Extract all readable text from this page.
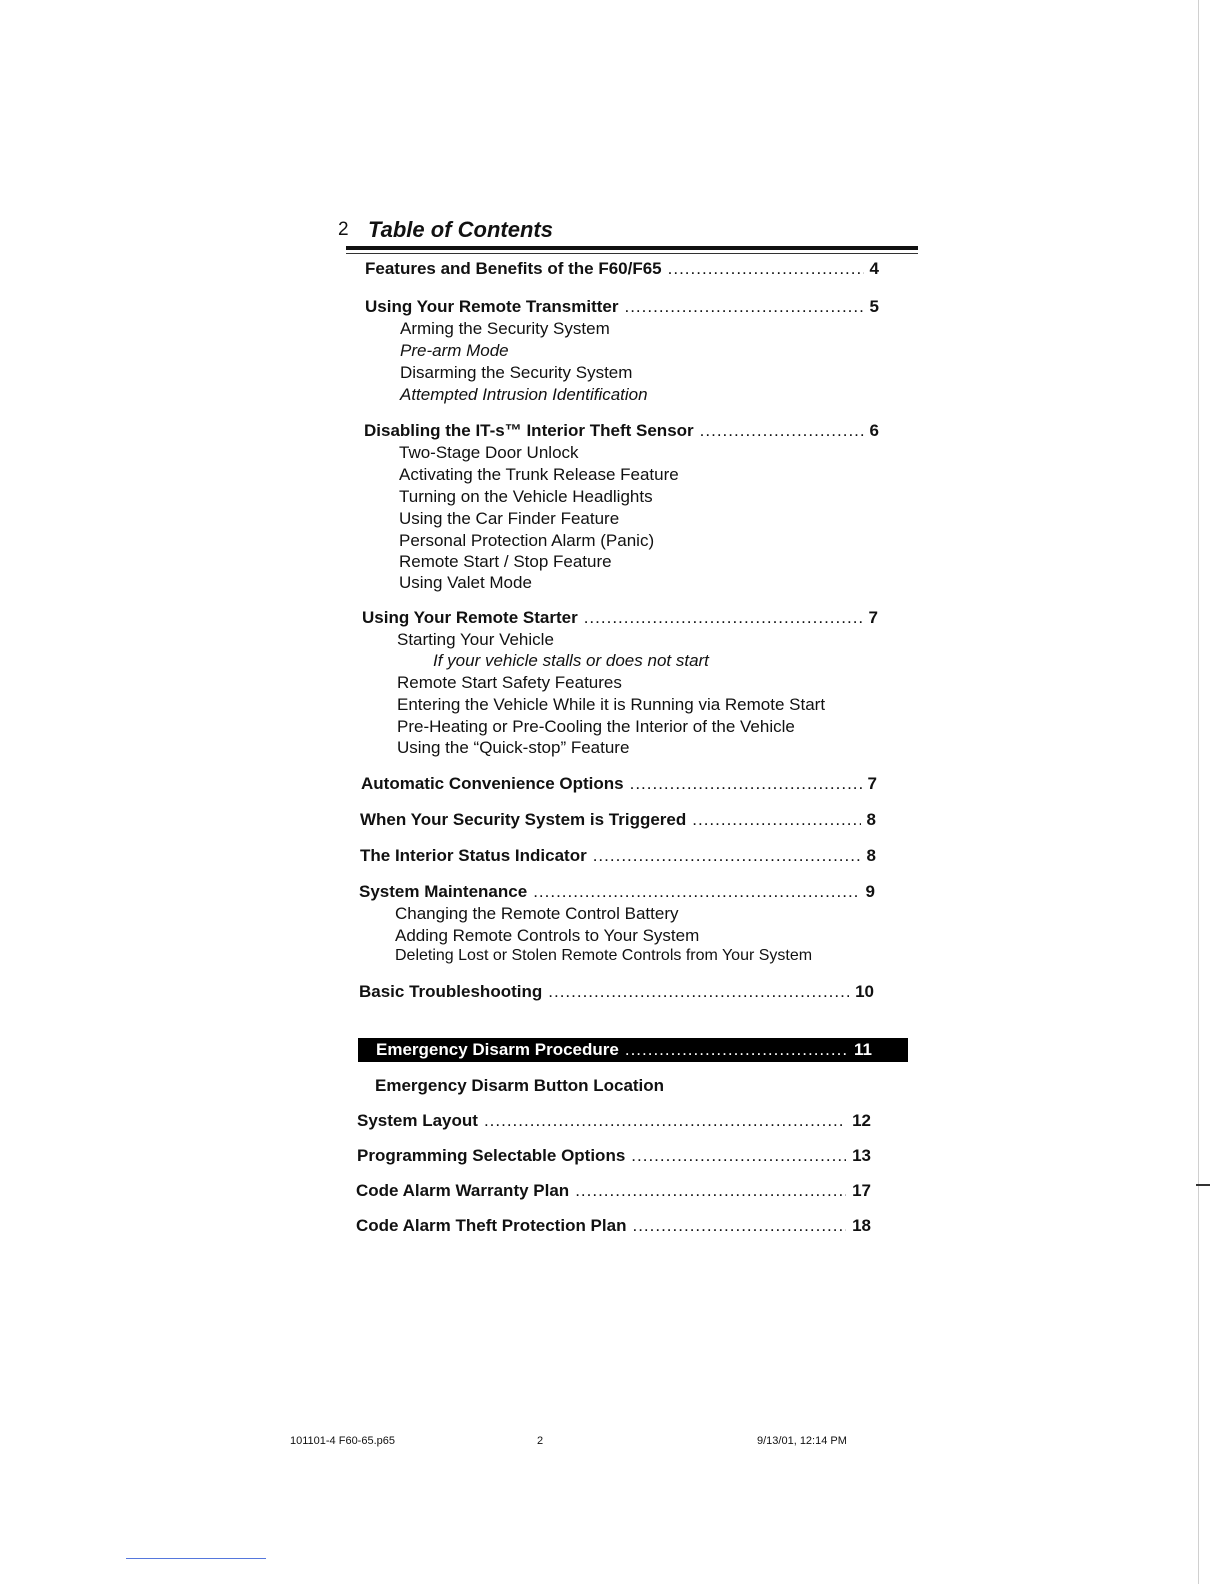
2 Table of Contents
Features and Benefits of the F60/F65 .....	4
Using Your Remote Transmitter .....	5
Arming the Security System
Pre-arm Mode
Disarming the Security System
Attempted Intrusion Identification
Disabling the IT-s™ Interior Theft Sensor .....	6
Two-Stage Door Unlock
Activating the Trunk Release Feature
Turning on the Vehicle Headlights
Using the Car Finder Feature
Personal Protection Alarm (Panic)
Remote Start / Stop Feature
Using Valet Mode
Using Your Remote Starter .....	7
Starting Your Vehicle
If your vehicle stalls or does not start
Remote Start Safety Features
Entering the Vehicle While it is Running via Remote Start
Pre-Heating or Pre-Cooling the Interior of the Vehicle
Using the “Quick-stop” Feature
Automatic Convenience Options .....	7
When Your Security System is Triggered .....	8
The Interior Status Indicator .....	8
System Maintenance .....	9
Changing the Remote Control Battery
Adding Remote Controls to Your System
Deleting Lost or Stolen Remote Controls from Your System
Basic Troubleshooting .....	10
Emergency Disarm Procedure .....	11
Emergency Disarm Button Location
System Layout .....	12
Programming Selectable Options .....	13
Code Alarm Warranty Plan .....	17
Code Alarm Theft Protection Plan .....	18
101101-4 F60-65.p65	2	9/13/01, 12:14 PM
